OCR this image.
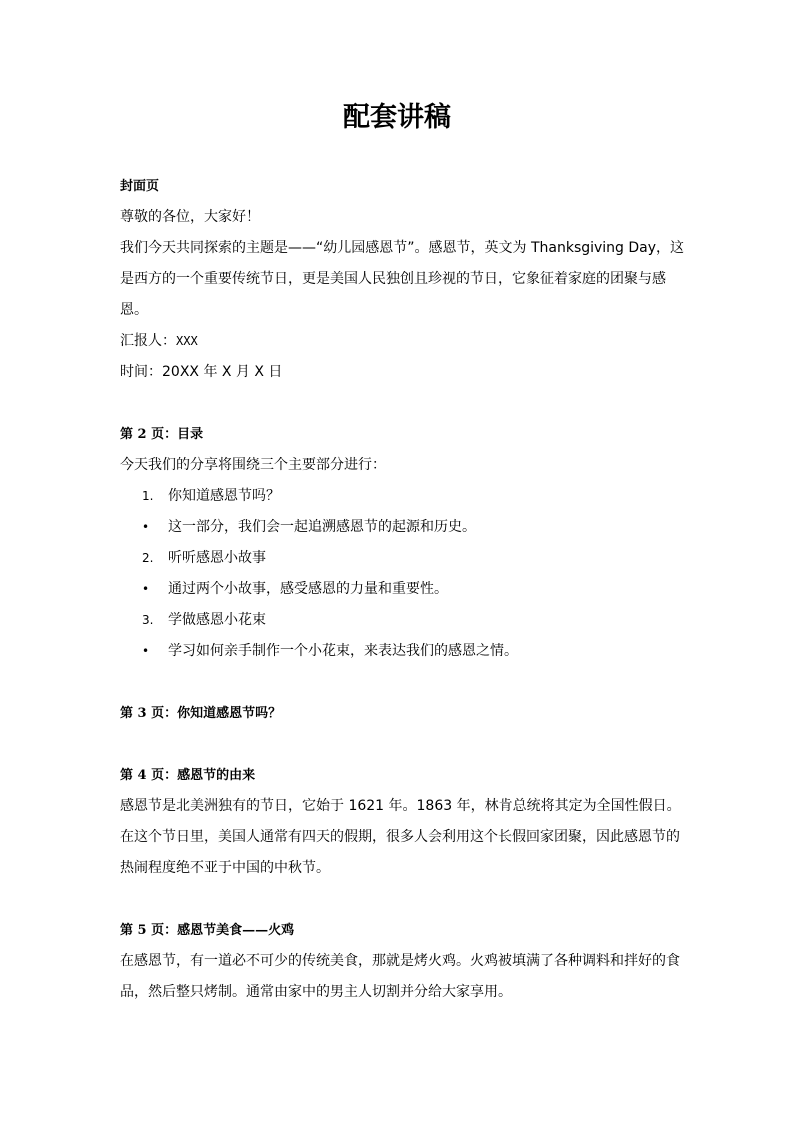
配套讲稿
封面页

尊敬的各位，大家好！

我们今天共同探索的主题是——“幼儿园感恩节”。感恩节，英文为 Thanksgiving Day，这是西方的一个重要传统节日，更是美国人民独创且珍视的节日，它象征着家庭的团聚与感恩。

汇报人：XXX

时间：20XX 年 X 月 X 日

第 2 页：目录

今天我们的分享将围绕三个主要部分进行：

1.	你知道感恩节吗？
•	这一部分，我们会一起追溯感恩节的起源和历史。
2.	听听感恩小故事
•	通过两个小故事，感受感恩的力量和重要性。
3.	学做感恩小花束
•	学习如何亲手制作一个小花束，来表达我们的感恩之情。
第 3 页：你知道感恩节吗？
第 4 页：感恩节的由来

感恩节是北美洲独有的节日，它始于 1621 年。1863 年，林肯总统将其定为全国性假日。在这个节日里，美国人通常有四天的假期，很多人会利用这个长假回家团聚，因此感恩节的热闹程度绝不亚于中国的中秋节。

第 5 页：感恩节美食——火鸡

在感恩节，有一道必不可少的传统美食，那就是烤火鸡。火鸡被填满了各种调料和拌好的食品，然后整只烤制。通常由家中的男主人切割并分给大家享用。
